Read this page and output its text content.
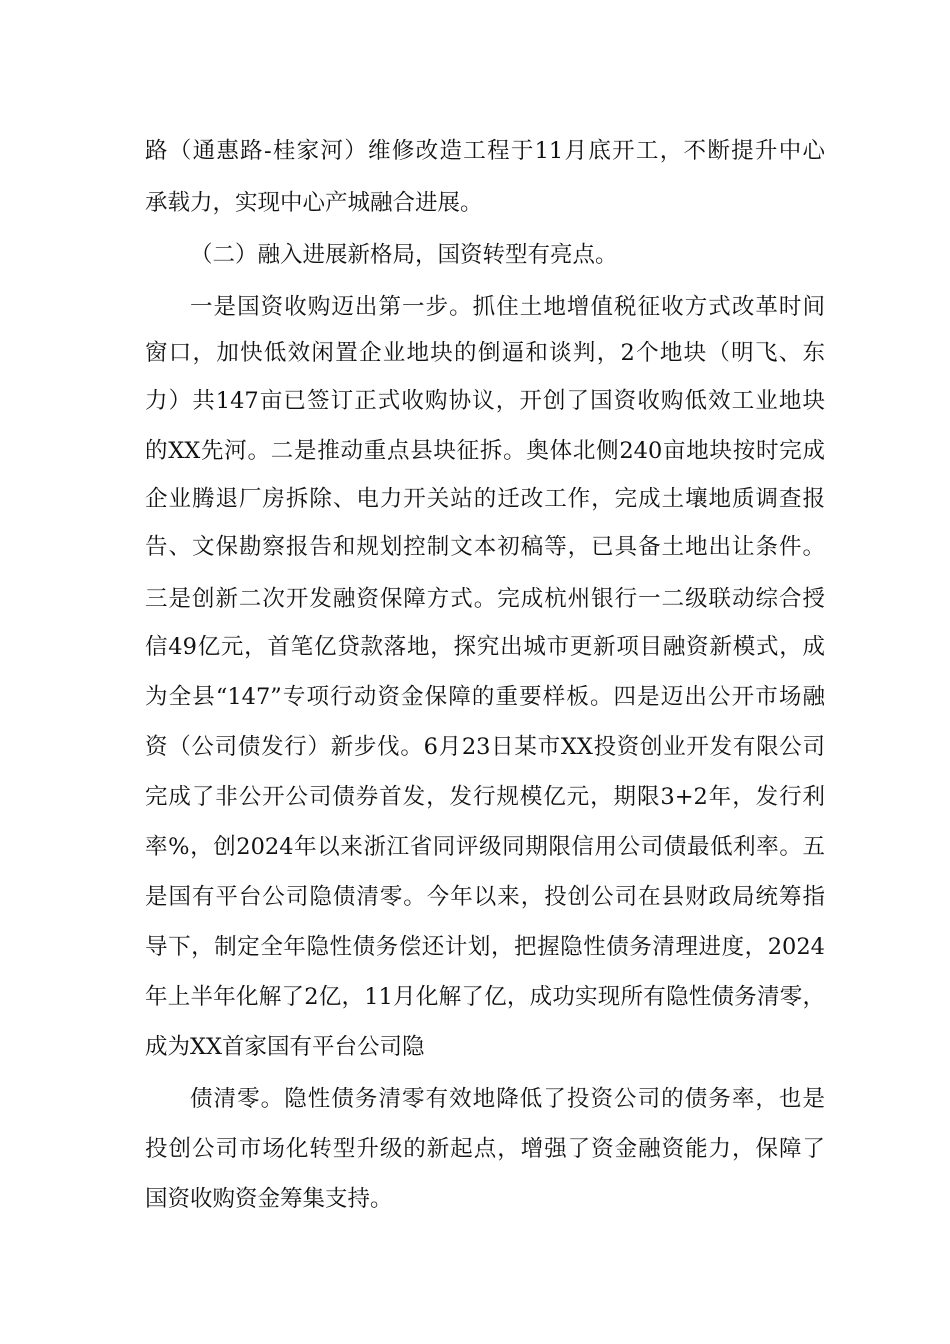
路（通惠路-桂家河）维修改造工程于11月底开工，不断提升中心
承载力，实现中心产城融合进展。
（二）融入进展新格局，国资转型有亮点。
一是国资收购迈出第一步。抓住土地增值税征收方式改革时间
窗口，加快低效闲置企业地块的倒逼和谈判，2个地块（明飞、东
力）共147亩已签订正式收购协议，开创了国资收购低效工业地块
的XX先河。二是推动重点县块征拆。奥体北侧240亩地块按时完成
企业腾退厂房拆除、电力开关站的迁改工作，完成土壤地质调查报
告、文保勘察报告和规划控制文本初稿等，已具备土地出让条件。
三是创新二次开发融资保障方式。完成杭州银行一二级联动综合授
信49亿元，首笔亿贷款落地，探究出城市更新项目融资新模式，成
为全县“147”专项行动资金保障的重要样板。四是迈出公开市场融
资（公司债发行）新步伐。6月23日某市XX投资创业开发有限公司
完成了非公开公司债券首发，发行规模亿元，期限3+2年，发行利
率%，创2024年以来浙江省同评级同期限信用公司债最低利率。五
是国有平台公司隐债清零。今年以来，投创公司在县财政局统筹指
导下，制定全年隐性债务偿还计划，把握隐性债务清理进度，2024
年上半年化解了2亿，11月化解了亿，成功实现所有隐性债务清零，
成为XX首家国有平台公司隐
债清零。隐性债务清零有效地降低了投资公司的债务率，也是
投创公司市场化转型升级的新起点，增强了资金融资能力，保障了
国资收购资金筹集支持。
